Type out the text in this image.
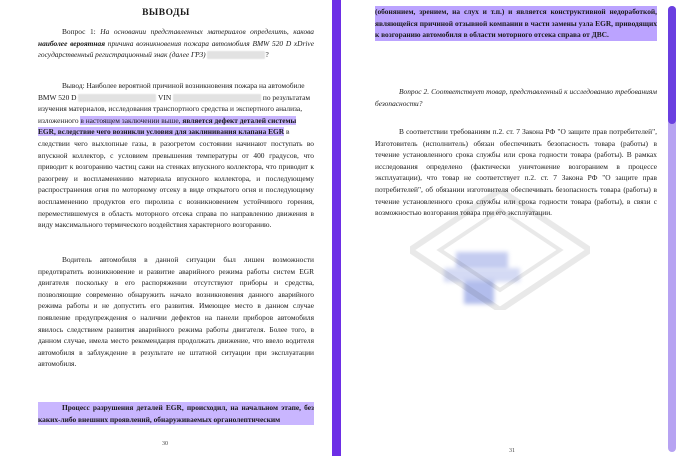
ВЫВОДЫ
Вопрос 1: На основании представленных материалов определить, какова наиболее вероятная причина возникновения пожара автомобиля BMW 520 D xDrive государственный регистрационный знак (далее ГРЗ)	?
Вывод: Наиболее вероятной причиной возникновения пожара на автомобиле
BMW 520 D	VIN	по результатам
изучения материалов, исследования транспортного средства и экспертного анализа,
изложенного в настоящем заключении выше, является дефект деталей системы
EGR, вследствие чего возникли условия для заклинивания клапана EGR в
следствии чего выхлопные газы, в разогретом состоянии начинают поступать во впускной коллектор, с условием превышения температуры от 400 градусов, что приводит к возгоранию частиц сажи на стенках впускного коллектора, что приводит к разогреву и воспламенению материала впускного коллектора, и последующему распространения огня по моторному отсеку в виде открытого огня и последующему воспламенению продуктов его пиролиза с возникновением устойчивого горения, переместившемуся в область моторного отсека справа по направлению движения в виду максимального термического воздействия характерного возгоранию.
Водитель автомобиля в данной ситуации был лишен возможности предотвратить возникновение и развитие аварийного режима работы систем EGR двигателя поскольку в его распоряжении отсутствуют приборы и средства, позволяющие современно обнаружить начало возникновения данного аварийного режима работы и не допустить его развития. Имеющее место в данном случае появление предупреждения о наличии дефектов на панели приборов автомобиля явилось следствием развития аварийного режима работы двигателя. Более того, в данном случае, имела место рекомендация продолжать движение, что ввело водителя автомобиля в заблуждение в результате не штатной ситуации при эксплуатации автомобиля.
Процесс разрушения деталей EGR, происходил, на начальном этапе, без каких-либо внешних проявлений, обнаруживаемых органолептическим
30
(обонянием, зрением, на слух и т.п.) и является конструктивной недоработкой, являющейся причиной отзывной компании в части замены узла EGR, приводящих к возгоранию автомобиля в области моторного отсека справа от ДВС.
Вопрос 2. Соответствует товар, представленный к исследованию требованиям безопасности?
В соответствии требованиям п.2. ст. 7 Закона РФ "О защите прав потребителей", Изготовитель (исполнитель) обязан обеспечивать безопасность товара (работы) в течение установленного срока службы или срока годности товара (работы). В рамках исследования определено (фактически уничтожение возгоранием в процессе эксплуатации), что товар не соответствует п.2. ст. 7 Закона РФ "О защите прав потребителей", об обязании изготовителя обеспечивать безопасность товара (работы) в течение установленного срока службы или срока годности товара (работы), в связи с возможностью возгорания товара при его эксплуатации.
31
